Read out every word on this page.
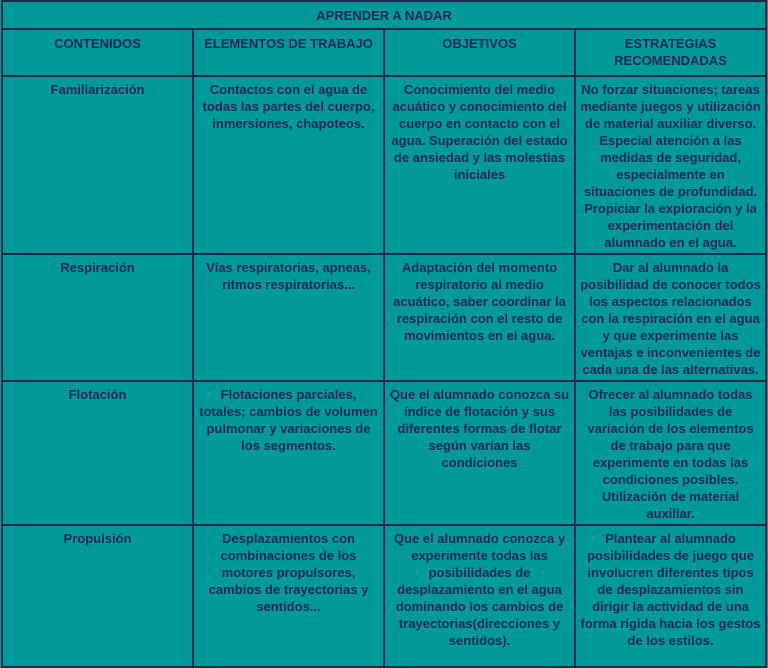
APRENDER A NADAR			
CONTENIDOS	ELEMENTOS DE TRABAJO	OBJETIVOS	ESTRATEGIAS RECOMENDADAS
Familiarización	Contactos con el agua de todas las partes del cuerpo, inmersiones, chapoteos.	Conocimiento del medio acuático y conocimiento del cuerpo en contacto con el agua. Superación del estado de ansiedad y las molestias iniciales	No forzar situaciones; tareas mediante juegos y utilización de material auxiliar diverso. Especial atención a las medidas de seguridad, especialmente en situaciones de profundidad. Propiciar la exploración y la experimentación del alumnado en el agua.
Respiración	Vías respiratorias, apneas, ritmos respiratorias...	Adaptación del momento respiratorio al medio acuático, saber coordinar la respiración con el resto de movimientos en el agua.	Dar al alumnado la posibilidad de conocer todos los aspectos relacionados con la respiración en el agua y que experimente las ventajas e inconvenientes de cada una de las alternativas.
Flotación	Flotaciones parciales, totales; cambios de volumen pulmonar y variaciones de los segmentos.	Que el alumnado conozca su índice de flotación y sus diferentes formas de flotar según varían las condiciones	Ofrecer al alumnado todas las posibilidades de variación de los elementos de trabajo para que experimente en todas las condiciones posibles. Utilización de material auxiliar.
Propulsión	Desplazamientos con combinaciones de los motores propulsores, cambios de trayectorias y sentidos...	Que el alumnado conozca y experimente todas las posibilidades de desplazamiento en el agua dominando los cambios de trayectorias(direcciones y sentidos).	Plantear al alumnado posibilidades de juego que involucren diferentes tipos de desplazamientos sin dirigir la actividad de una forma rígida hacia los gestos de los estilos.
